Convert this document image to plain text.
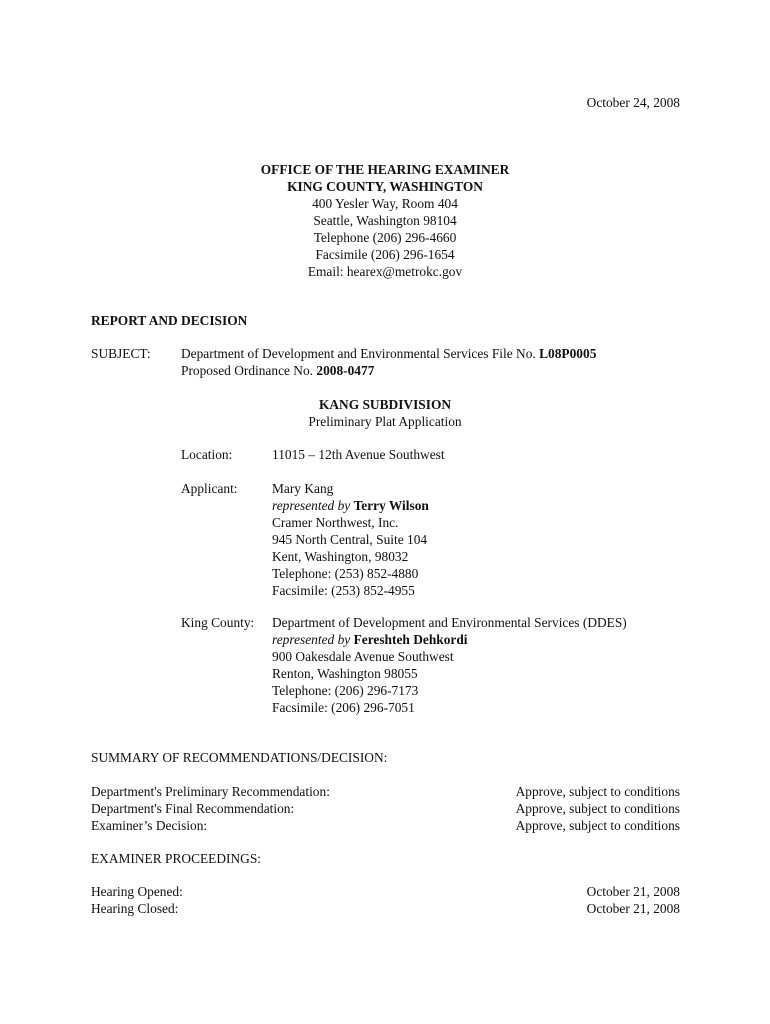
October 24, 2008
OFFICE OF THE HEARING EXAMINER
KING COUNTY, WASHINGTON
400 Yesler Way, Room 404
Seattle, Washington 98104
Telephone (206) 296-4660
Facsimile (206) 296-1654
Email: hearex@metrokc.gov
REPORT AND DECISION
SUBJECT: Department of Development and Environmental Services File No. L08P0005
Proposed Ordinance No. 2008-0477
KANG SUBDIVISION
Preliminary Plat Application
Location:	11015 – 12th Avenue Southwest
Applicant:	Mary Kang
represented by Terry Wilson
Cramer Northwest, Inc.
945 North Central, Suite 104
Kent, Washington, 98032
Telephone: (253) 852-4880
Facsimile: (253) 852-4955
King County: Department of Development and Environmental Services (DDES)
represented by Fereshteh Dehkordi
900 Oakesdale Avenue Southwest
Renton, Washington 98055
Telephone: (206) 296-7173
Facsimile: (206) 296-7051
SUMMARY OF RECOMMENDATIONS/DECISION:
Department's Preliminary Recommendation:	Approve, subject to conditions
Department's Final Recommendation:	Approve, subject to conditions
Examiner’s Decision:	Approve, subject to conditions
EXAMINER PROCEEDINGS:
Hearing Opened:	October 21, 2008
Hearing Closed:	October 21, 2008
